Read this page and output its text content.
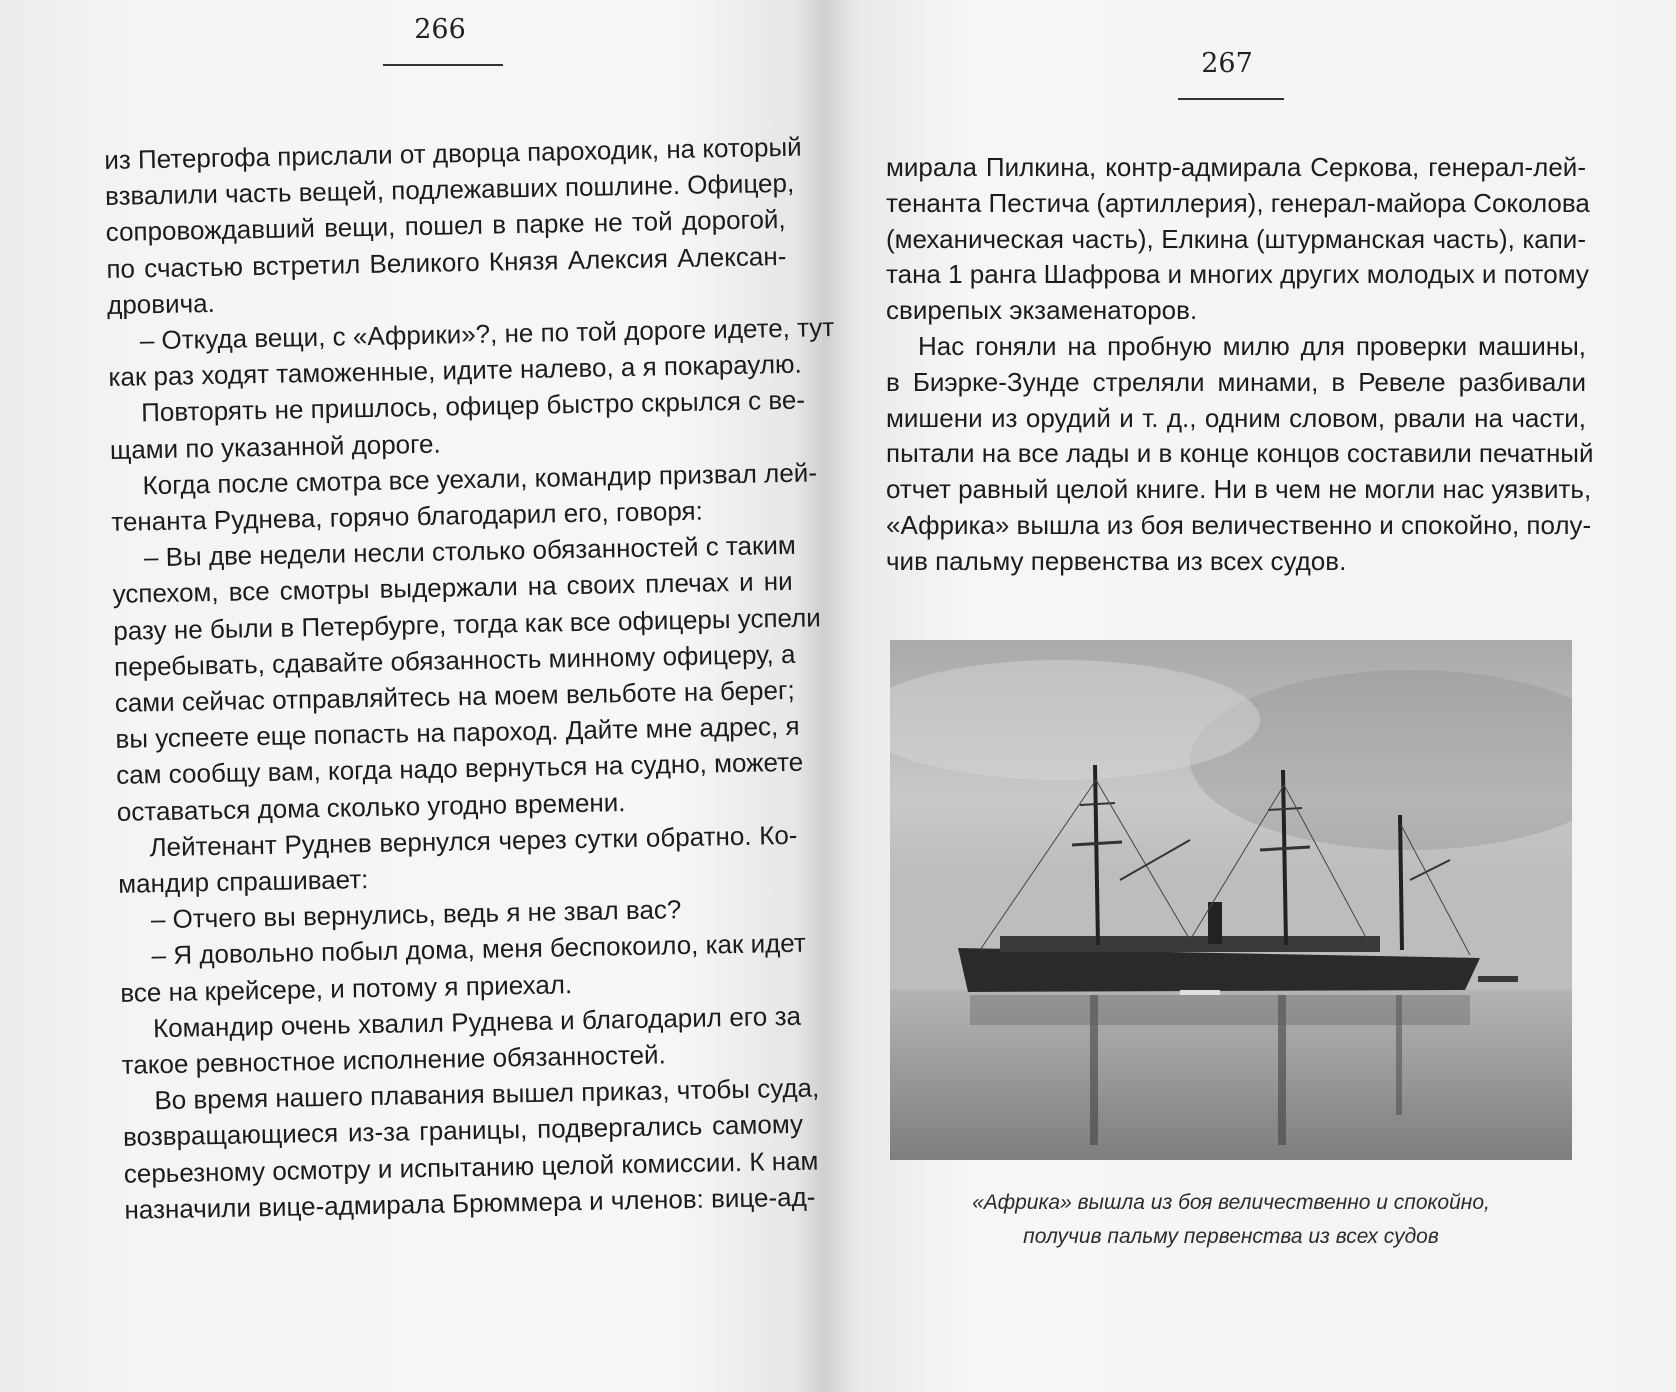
266
из Петергофа прислали от дворца пароходик, на который
взвалили часть вещей, подлежавших пошлине. Офицер,
сопровождавший вещи, пошел в парке не той дорогой,
по счастью встретил Великого Князя Алексия Алексан-
дровича.
– Откуда вещи, с «Африки»?, не по той дороге идете, тут
как раз ходят таможенные, идите налево, а я покараулю.
Повторять не пришлось, офицер быстро скрылся с ве-
щами по указанной дороге.
Когда после смотра все уехали, командир призвал лей-
тенанта Руднева, горячо благодарил его, говоря:
– Вы две недели несли столько обязанностей с таким
успехом, все смотры выдержали на своих плечах и ни
разу не были в Петербурге, тогда как все офицеры успели
перебывать, сдавайте обязанность минному офицеру, а
сами сейчас отправляйтесь на моем вельботе на берег;
вы успеете еще попасть на пароход. Дайте мне адрес, я
сам сообщу вам, когда надо вернуться на судно, можете
оставаться дома сколько угодно времени.
Лейтенант Руднев вернулся через сутки обратно. Ко-
мандир спрашивает:
– Отчего вы вернулись, ведь я не звал вас?
– Я довольно побыл дома, меня беспокоило, как идет
все на крейсере, и потому я приехал.
Командир очень хвалил Руднева и благодарил его за
такое ревностное исполнение обязанностей.
Во время нашего плавания вышел приказ, чтобы суда,
возвращающиеся из-за границы, подвергались самому
серьезному осмотру и испытанию целой комиссии. К нам
назначили вице-адмирала Брюммера и членов: вице-ад-
267
мирала Пилкина, контр-адмирала Серкова, генерал-лей-
тенанта Пестича (артиллерия), генерал-майора Соколова
(механическая часть), Елкина (штурманская часть), капи-
тана 1 ранга Шафрова и многих других молодых и потому
свирепых экзаменаторов.
Нас гоняли на пробную милю для проверки машины,
в Биэрке-Зунде стреляли минами, в Ревеле разбивали
мишени из орудий и т. д., одним словом, рвали на части,
пытали на все лады и в конце концов составили печатный
отчет равный целой книге. Ни в чем не могли нас уязвить,
«Африка» вышла из боя величественно и спокойно, полу-
чив пальму первенства из всех судов.
«Африка» вышла из боя величественно и спокойно,
получив пальму первенства из всех судов
